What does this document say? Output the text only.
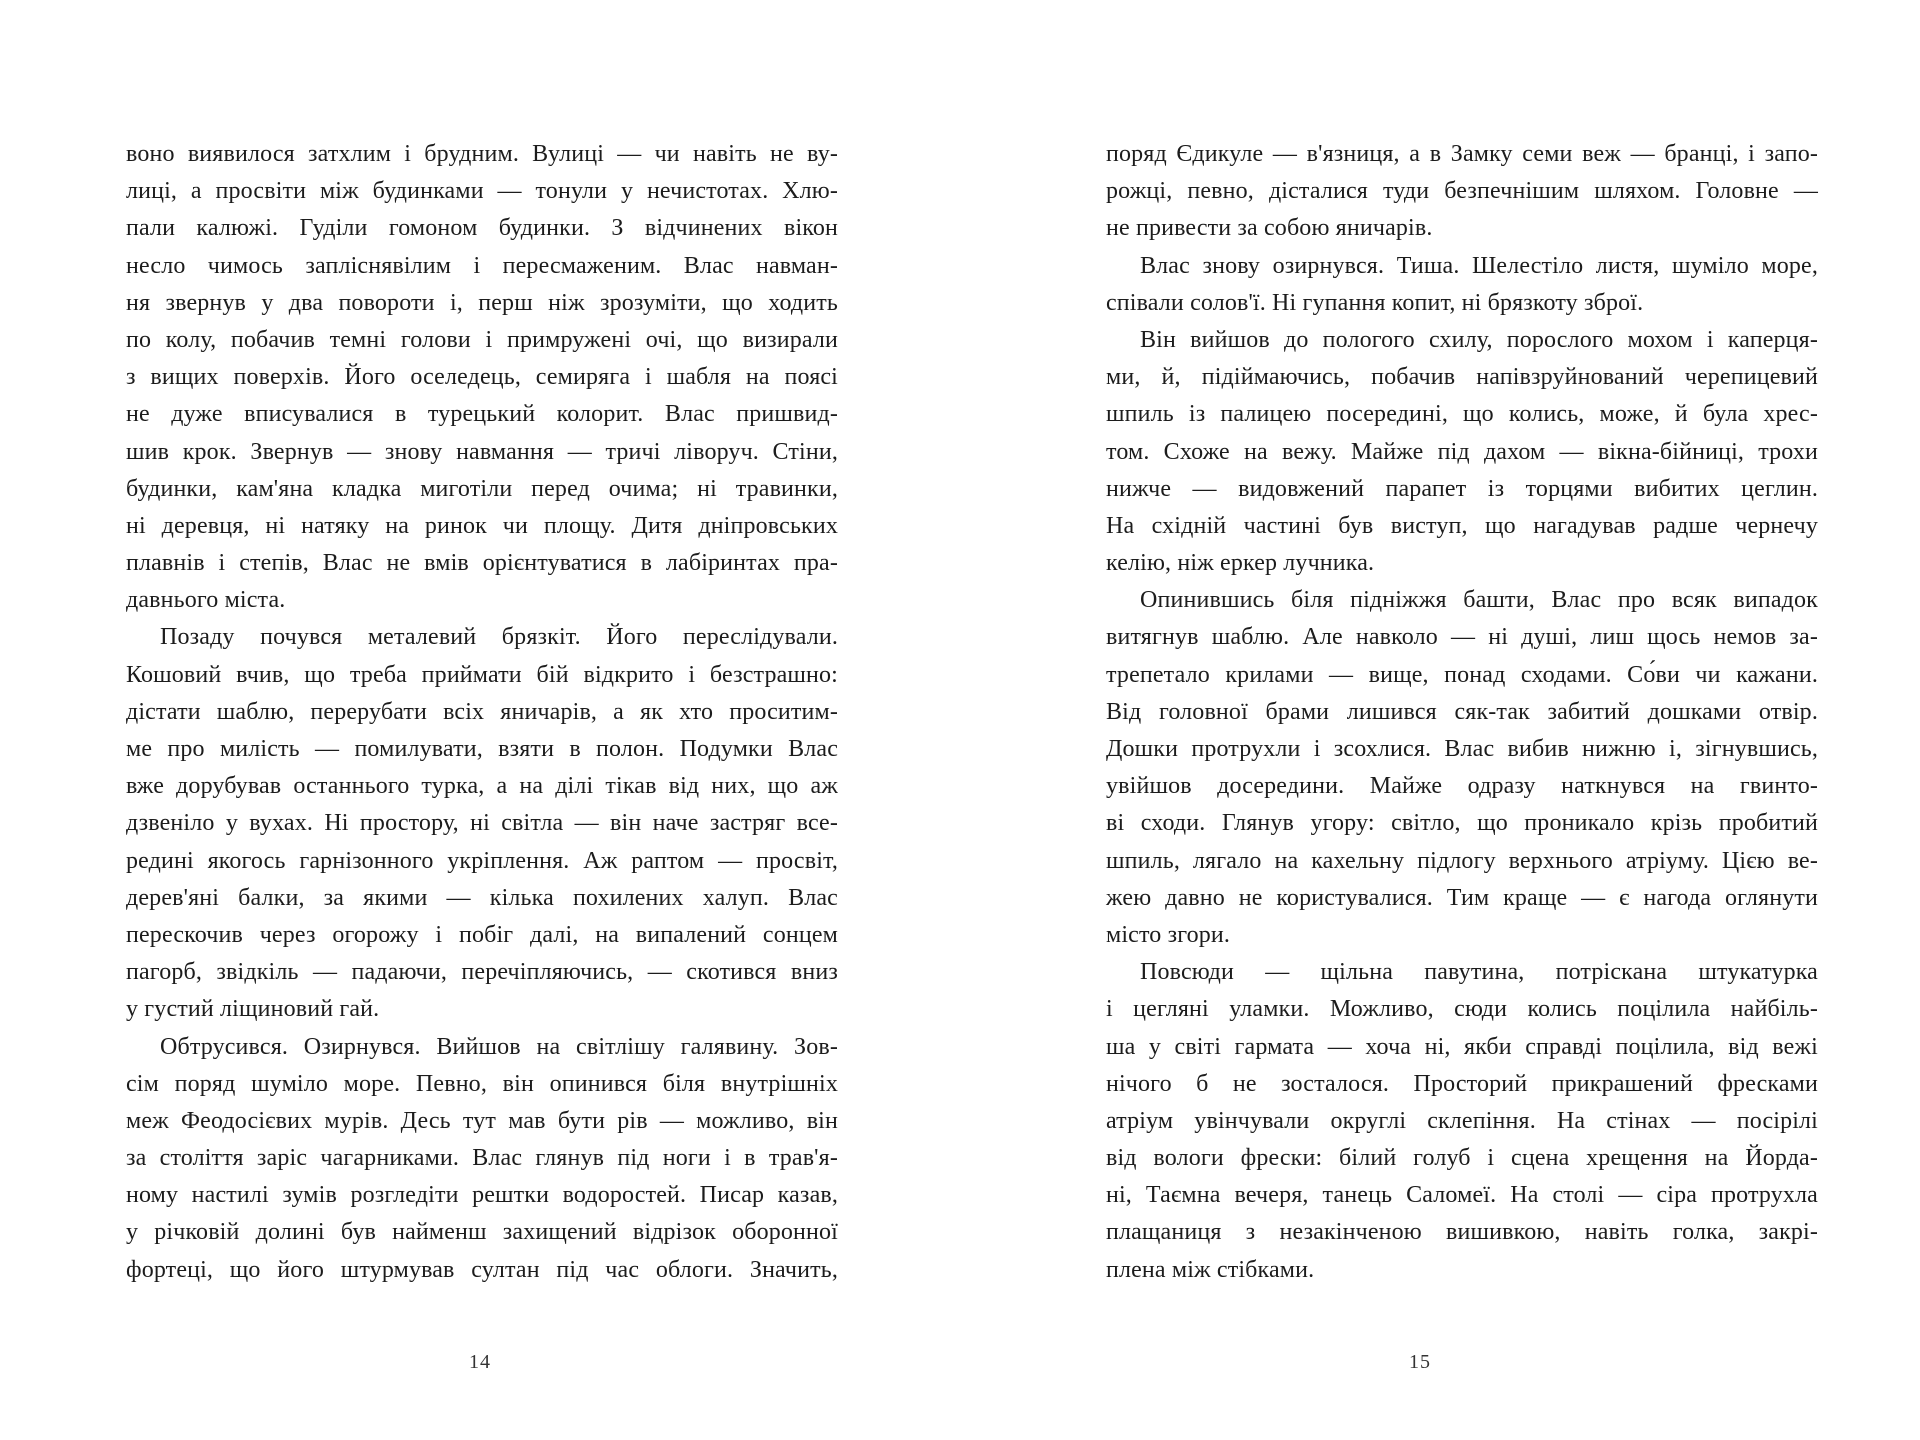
воно виявилося затхлим і брудним. Вулиці — чи навіть не ву-
лиці, а просвіти між будинками — тонули у нечистотах. Хлю-
пали калюжі. Гуділи гомоном будинки. З відчинених вікон
несло чимось запліснявілим і пересмаженим. Влас навман-
ня звернув у два повороти і, перш ніж зрозуміти, що ходить
по колу, побачив темні голови і примружені очі, що визирали
з вищих поверхів. Його оселедець, семиряга і шабля на поясі
не дуже вписувалися в турецький колорит. Влас пришвид-
шив крок. Звернув — знову навмання — тричі ліворуч. Стіни,
будинки, кам'яна кладка миготіли перед очима; ні травинки,
ні деревця, ні натяку на ринок чи площу. Дитя дніпровських
плавнів і степів, Влас не вмів орієнтуватися в лабіринтах пра-
давнього міста.
Позаду почувся металевий брязкіт. Його переслідували.
Кошовий вчив, що треба приймати бій відкрито і безстрашно:
дістати шаблю, перерубати всіх яничарів, а як хто проситим-
ме про милість — помилувати, взяти в полон. Подумки Влас
вже дорубував останнього турка, а на ділі тікав від них, що аж
дзвеніло у вухах. Ні простору, ні світла — він наче застряг все-
редині якогось гарнізонного укріплення. Аж раптом — просвіт,
дерев'яні балки, за якими — кілька похилених халуп. Влас
перескочив через огорожу і побіг далі, на випалений сонцем
пагорб, звідкіль — падаючи, перечіпляючись, — скотився вниз
у густий ліщиновий гай.
Обтрусився. Озирнувся. Вийшов на світлішу галявину. Зов-
сім поряд шуміло море. Певно, він опинився біля внутрішніх
меж Феодосієвих мурів. Десь тут мав бути рів — можливо, він
за століття заріс чагарниками. Влас глянув під ноги і в трав'я-
ному настилі зумів розгледіти рештки водоростей. Писар казав,
у річковій долині був найменш захищений відрізок оборонної
фортеці, що його штурмував султан під час облоги. Значить,
14
поряд Єдикуле — в'язниця, а в Замку семи веж — бранці, і запо-
рожці, певно, дісталися туди безпечнішим шляхом. Головне —
не привести за собою яничарів.
Влас знову озирнувся. Тиша. Шелестіло листя, шуміло море,
співали солов'ї. Ні гупання копит, ні брязкоту зброї.
Він вийшов до пологого схилу, порослого мохом і каперця-
ми, й, підіймаючись, побачив напівзруйнований черепицевий
шпиль із палицею посередині, що колись, може, й була хрес-
том. Схоже на вежу. Майже під дахом — вікна-бійниці, трохи
нижче — видовжений парапет із торцями вибитих цеглин.
На східній частині був виступ, що нагадував радше чернечу
келію, ніж еркер лучника.
Опинившись біля підніжжя башти, Влас про всяк випадок
витягнув шаблю. Але навколо — ні душі, лиш щось немов за-
трепетало крилами — вище, понад сходами. Со́ви чи кажани.
Від головної брами лишився сяк-так забитий дошками отвір.
Дошки протрухли і зсохлися. Влас вибив нижню і, зігнувшись,
увійшов досередини. Майже одразу наткнувся на гвинто-
ві сходи. Глянув угору: світло, що проникало крізь пробитий
шпиль, лягало на кахельну підлогу верхнього атріуму. Цією ве-
жею давно не користувалися. Тим краще — є нагода оглянути
місто згори.
Повсюди — щільна павутина, потріскана штукатурка
і цегляні уламки. Можливо, сюди колись поцілила найбіль-
ша у світі гармата — хоча ні, якби справді поцілила, від вежі
нічого б не зосталося. Просторий прикрашений фресками
атріум увінчували округлі склепіння. На стінах — посірілі
від вологи фрески: білий голуб і сцена хрещення на Йорда-
ні, Таємна вечеря, танець Саломеї. На столі — сіра протрухла
плащаниця з незакінченою вишивкою, навіть голка, закрі-
плена між стібками.
15
